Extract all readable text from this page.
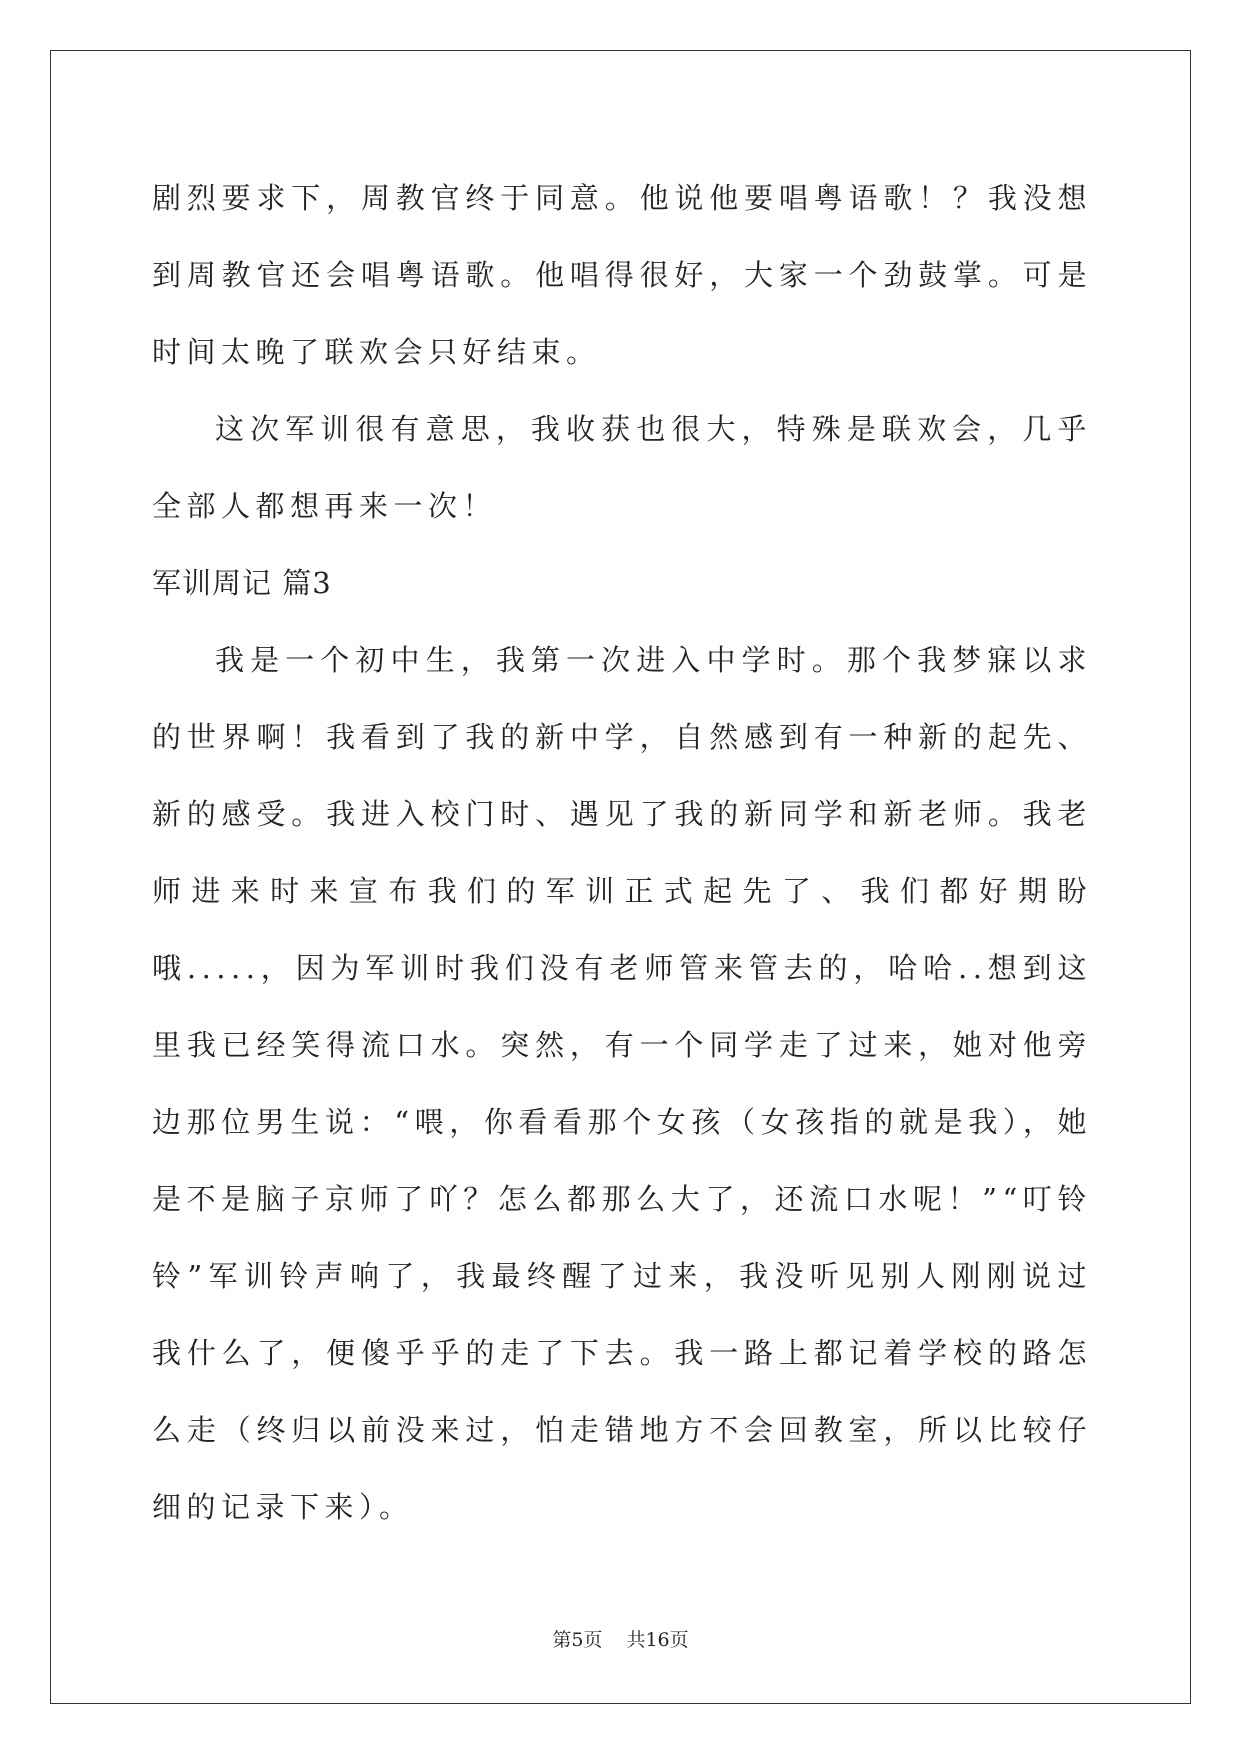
剧烈要求下，周教官终于同意。他说他要唱粤语歌！？我没想到周教官还会唱粤语歌。他唱得很好，大家一个劲鼓掌。可是时间太晚了联欢会只好结束。

这次军训很有意思，我收获也很大，特殊是联欢会，几乎全部人都想再来一次！

军训周记 篇3

我是一个初中生，我第一次进入中学时。那个我梦寐以求的世界啊！我看到了我的新中学，自然感到有一种新的起先、新的感受。我进入校门时、遇见了我的新同学和新老师。我老师进来时来宣布我们的军训正式起先了、我们都好期盼哦.....，因为军训时我们没有老师管来管去的，哈哈..想到这里我已经笑得流口水。突然，有一个同学走了过来，她对他旁边那位男生说：“喂，你看看那个女孩（女孩指的就是我），她是不是脑子京师了吖？怎么都那么大了，还流口水呢！”“叮铃铃”军训铃声响了，我最终醒了过来，我没听见别人刚刚说过我什么了，便傻乎乎的走了下去。我一路上都记着学校的路怎么走（终归以前没来过，怕走错地方不会回教室，所以比较仔细的记录下来）。

第5页 共16页
